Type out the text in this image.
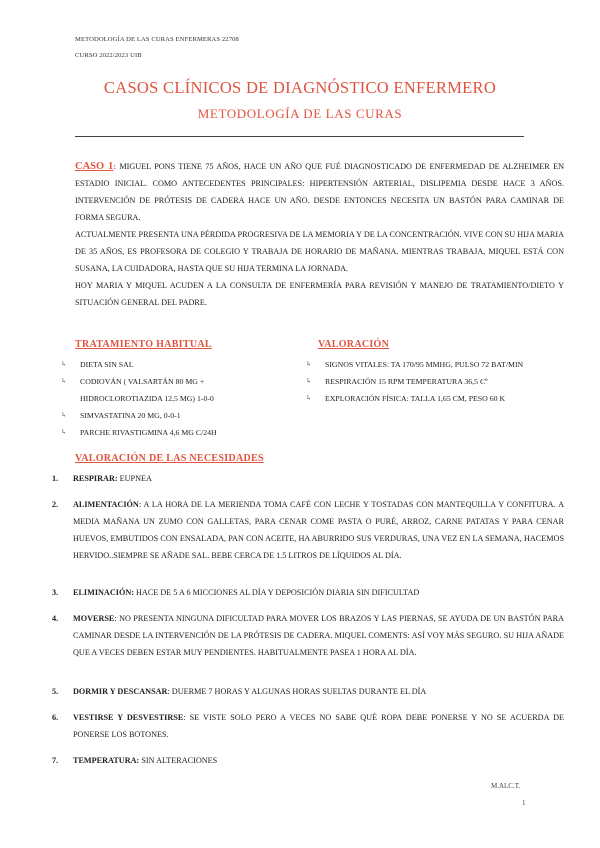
METODOLOGÍA DE LAS CURAS ENFERMERAS 22708
CURSO 2022/2023 UIB
CASOS CLÍNICOS DE DIAGNÓSTICO ENFERMERO
METODOLOGÍA DE LAS CURAS

CASO 1: MIGUEL PONS TIENE 75 AÑOS, HACE UN AÑO QUE FUÉ DIAGNOSTICADO DE ENFERMEDAD DE ALZHEIMER EN ESTADIO INICIAL. COMO ANTECEDENTES PRINCIPALES: HIPERTENSIÓN ARTERIAL, DISLIPEMIA DESDE HACE 3 AÑOS. INTERVENCIÓN DE PRÓTESIS DE CADERA HACE UN AÑO. DESDE ENTONCES NECESITA UN BASTÓN PARA CAMINAR DE FORMA SEGURA.

ACTUALMENTE PRESENTA UNA PÉRDIDA PROGRESIVA DE LA MEMORIA Y DE LA CONCENTRACIÓN. VIVE CON SU HIJA MARIA DE 35 AÑOS, ES PROFESORA DE COLEGIO Y TRABAJA DE HORARIO DE MAÑANA. MIENTRAS TRABAJA, MIQUEL ESTÁ CON SUSANA, LA CUIDADORA, HASTA QUE SU HIJA TERMINA LA JORNADA.

HOY MARIA Y MIQUEL ACUDEN A LA CONSULTA DE ENFERMERÍA PARA REVISIÓN Y MANEJO DE TRATAMIENTO/DIETO Y SITUACIÓN GENERAL DEL PADRE.

TRATAMIENTO HABITUAL
↳ DIETA SIN SAL
↳ CODIOVÁN ( VALSARTÁN 80 MG + HIDROCLOROTIAZIDA 12,5 MG) 1-0-0
↳ SIMVASTATINA 20 MG, 0-0-1
↳ PARCHE RIVASTIGMINA 4,6 MG C/24H
VALORACIÓN
↳ SIGNOS VITALES: TA 170/95 MMHG, PULSO 72 BAT/MIN
↳ RESPIRACIÓN 15 RPM TEMPERATURA 36,5 Cº
↳ EXPLORACIÓN FÍSICA: TALLA 1,65 CM, PESO 60 K
VALORACIÓN DE LAS NECESIDADES
1. RESPIRAR: EUPNEA
2. ALIMENTACIÓN: A LA HORA DE LA MERIENDA TOMA CAFÉ CON LECHE Y TOSTADAS CON MANTEQUILLA Y CONFITURA. A MEDIA MAÑANA UN ZUMO CON GALLETAS, PARA CENAR COME PASTA O PURÉ, ARROZ, CARNE PATATAS Y PARA CENAR HUEVOS, EMBUTIDOS CON ENSALADA, PAN CON ACEITE, HA ABURRIDO SUS VERDURAS, UNA VEZ EN LA SEMANA, HACEMOS HERVIDO..SIEMPRE SE AÑADE SAL. BEBE CERCA DE 1.5 LITROS DE LÍQUIDOS AL DÍA.
3. ELIMINACIÓN: HACE DE 5 A 6 MICCIONES AL DÍA Y DEPOSICIÓN DIARIA SIN DIFICULTAD
4. MOVERSE: NO PRESENTA NINGUNA DIFICULTAD PARA MOVER LOS BRAZOS Y LAS PIERNAS, SE AYUDA DE UN BASTÓN PARA CAMINAR DESDE LA INTERVENCIÓN DE LA PRÓTESIS DE CADERA. MIQUEL COMENTS: ASÍ VOY MÁS SEGURO. SU HIJA AÑADE QUE A VECES DEBEN ESTAR MUY PENDIENTES. HABITUALMENTE PASEA 1 HORA AL DÍA.
5. DORMIR Y DESCANSAR: DUERME 7 HORAS Y ALGUNAS HORAS SUELTAS DURANTE EL DÍA
6. VESTIRSE Y DESVESTIRSE: SE VISTE SOLO PERO A VECES NO SABE QUÉ ROPA DEBE PONERSE Y NO SE ACUERDA DE PONERSE LOS BOTONES.
7. TEMPERATURA: SIN ALTERACIONES
M.ALC.T.
1
